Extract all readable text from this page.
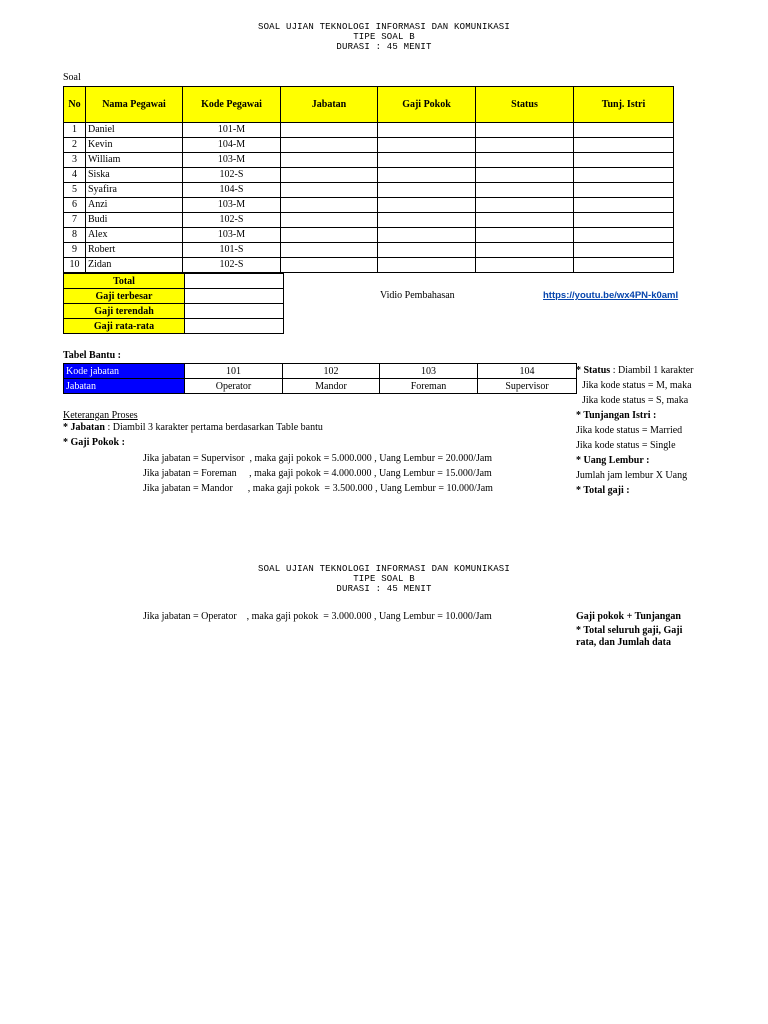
SOAL UJIAN TEKNOLOGI INFORMASI DAN KOMUNIKASI
TIPE SOAL B
DURASI : 45 MENIT
Soal
No	Nama Pegawai	Kode Pegawai	Jabatan	Gaji Pokok	Status	Tunj. Istri
1	Daniel	101-M				
2	Kevin	104-M				
3	William	103-M				
4	Siska	102-S				
5	Syafira	104-S				
6	Anzi	103-M				
7	Budi	102-S				
8	Alex	103-M				
9	Robert	101-S				
10	Zidan	102-S				
Total	
Gaji terbesar	
Gaji terendah	
Gaji rata-rata	
Vidio Pembahasan	https://youtu.be/wx4PN-k0amI
Tabel Bantu :
Kode jabatan	101	102	103	104
Jabatan	Operator	Mandor	Foreman	Supervisor
* Status : Diambil 1 karakter
Jika kode status = M, maka
Jika kode status = S, maka
* Tunjangan Istri :
Jika kode status = Married
Jika kode status = Single
* Uang Lembur :
Jumlah jam lembur X Uang
* Total gaji :
Gaji pokok + Tunjangan
* Total seluruh gaji, Gaji
rata, dan Jumlah data
Keterangan Proses
* Jabatan : Diambil 3 karakter pertama berdasarkan Table bantu
* Gaji Pokok :
Jika jabatan = Supervisor  , maka gaji pokok = 5.000.000 , Uang Lembur = 20.000/Jam
Jika jabatan = Foreman     , maka gaji pokok = 4.000.000 , Uang Lembur = 15.000/Jam
Jika jabatan = Mandor      , maka gaji pokok  = 3.500.000 , Uang Lembur = 10.000/Jam
SOAL UJIAN TEKNOLOGI INFORMASI DAN KOMUNIKASI
TIPE SOAL B
DURASI : 45 MENIT
Jika jabatan = Operator    , maka gaji pokok  = 3.000.000 , Uang Lembur = 10.000/Jam
